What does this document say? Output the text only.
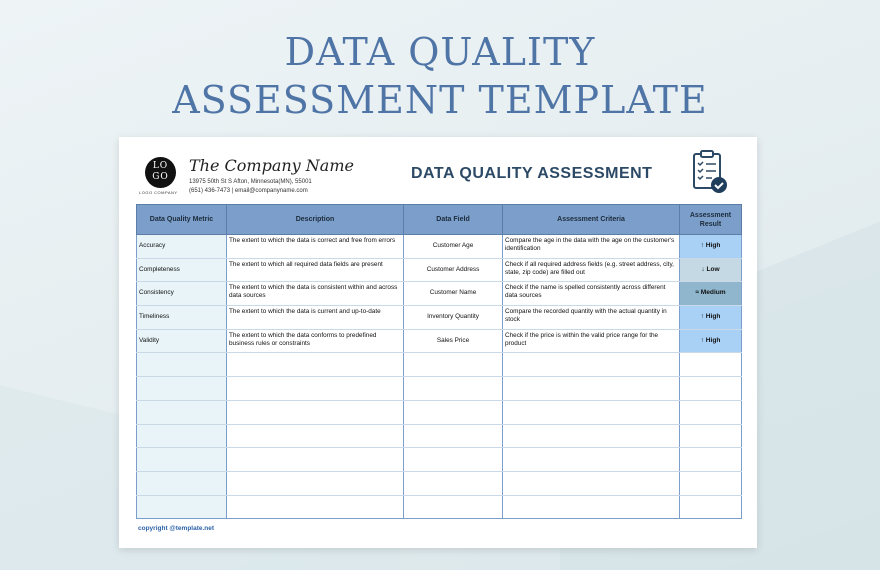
DATA QUALITY
ASSESSMENT TEMPLATE
LO
GO
LOGO COMPANY
The Company Name
13975 50th St S Afton, Minnesota(MN), 55001
(651) 436-7473 | email@companyname.com
DATA QUALITY ASSESSMENT
Data Quality Metric	Description	Data Field	Assessment Criteria	Assessment Result
Accuracy	The extent to which the data is correct and free from errors	Customer Age	Compare the age in the data with the age on the customer's identification	↑ High
Completeness	The extent to which all required data fields are present	Customer Address	Check if all required address fields (e.g. street address, city, state, zip code) are filled out	↓ Low
Consistency	The extent to which the data is consistent within and across data sources	Customer Name	Check if the name is spelled consistently across different data sources	≈ Medium
Timeliness	The extent to which the data is current and up-to-date	Inventory Quantity	Compare the recorded quantity with the actual quantity in stock	↑ High
Validity	The extent to which the data conforms to predefined business rules or constraints	Sales Price	Check if the price is within the valid price range for the product	↑ High

copyright @template.net
